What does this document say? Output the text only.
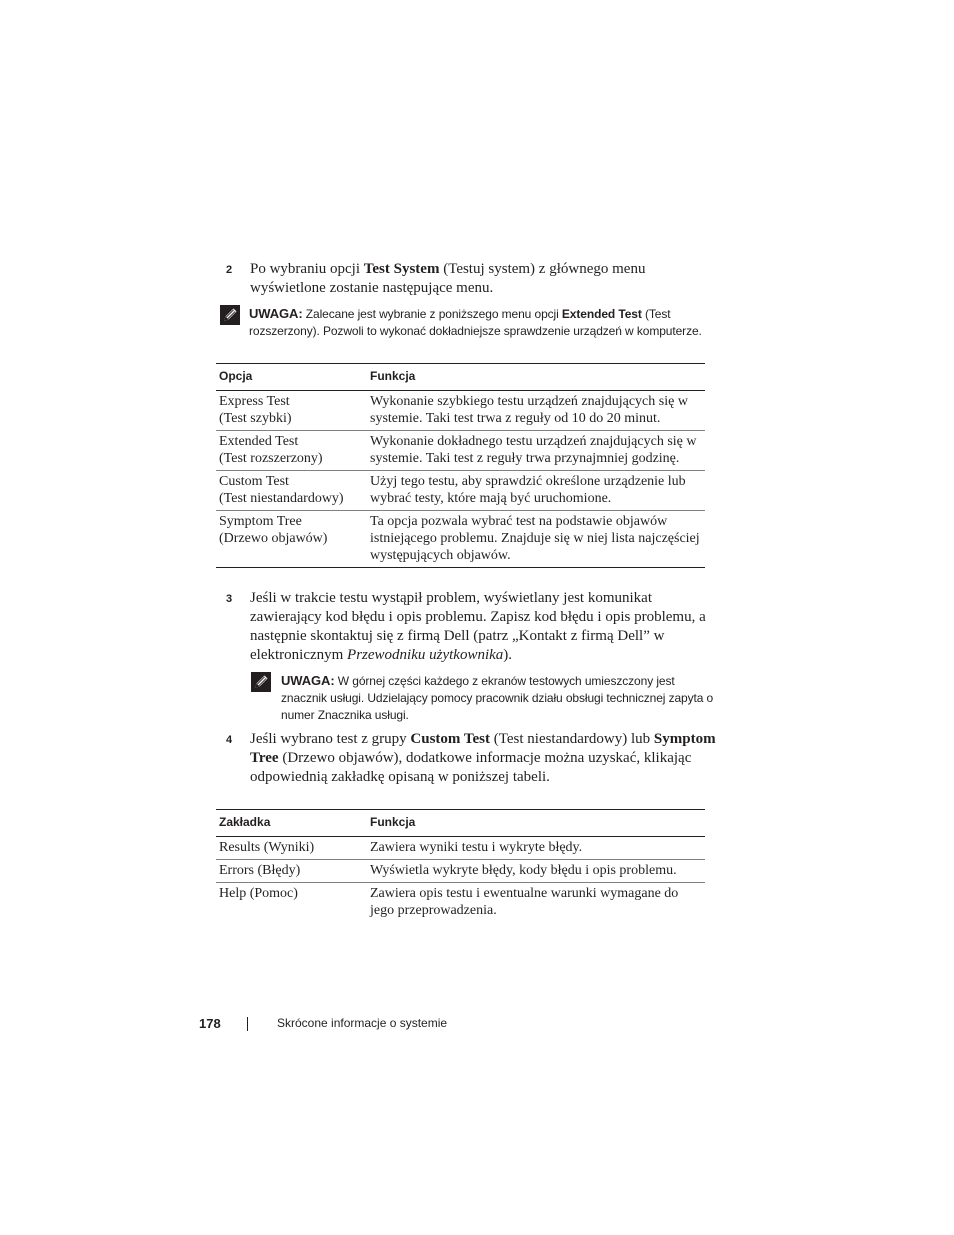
2 Po wybraniu opcji Test System (Testuj system) z głównego menu wyświetlone zostanie następujące menu.
UWAGA: Zalecane jest wybranie z poniższego menu opcji Extended Test (Test rozszerzony). Pozwoli to wykonać dokładniejsze sprawdzenie urządzeń w komputerze.
Opcja	Funkcja

Express Test
(Test szybki)	Wykonanie szybkiego testu urządzeń znajdujących się w systemie. Taki test trwa z reguły od 10 do 20 minut.

Extended Test
(Test rozszerzony)	Wykonanie dokładnego testu urządzeń znajdujących się w systemie. Taki test z reguły trwa przynajmniej godzinę.

Custom Test
(Test niestandardowy)	Użyj tego testu, aby sprawdzić określone urządzenie lub wybrać testy, które mają być uruchomione.

Symptom Tree
(Drzewo objawów)	Ta opcja pozwala wybrać test na podstawie objawów istniejącego problemu. Znajduje się w niej lista najczęściej występujących objawów.
3 Jeśli w trakcie testu wystąpił problem, wyświetlany jest komunikat zawierający kod błędu i opis problemu. Zapisz kod błędu i opis problemu, a następnie skontaktuj się z firmą Dell (patrz „Kontakt z firmą Dell” w elektronicznym Przewodniku użytkownika).
UWAGA: W górnej części każdego z ekranów testowych umieszczony jest znacznik usługi. Udzielający pomocy pracownik działu obsługi technicznej zapyta o numer Znacznika usługi.
4 Jeśli wybrano test z grupy Custom Test (Test niestandardowy) lub Symptom Tree (Drzewo objawów), dodatkowe informacje można uzyskać, klikając odpowiednią zakładkę opisaną w poniższej tabeli.
Zakładka	Funkcja
Results (Wyniki)	Zawiera wyniki testu i wykryte błędy.
Errors (Błędy)	Wyświetla wykryte błędy, kody błędu i opis problemu.
Help (Pomoc)	Zawiera opis testu i ewentualne warunki wymagane do jego przeprowadzenia.
178	Skrócone informacje o systemie
